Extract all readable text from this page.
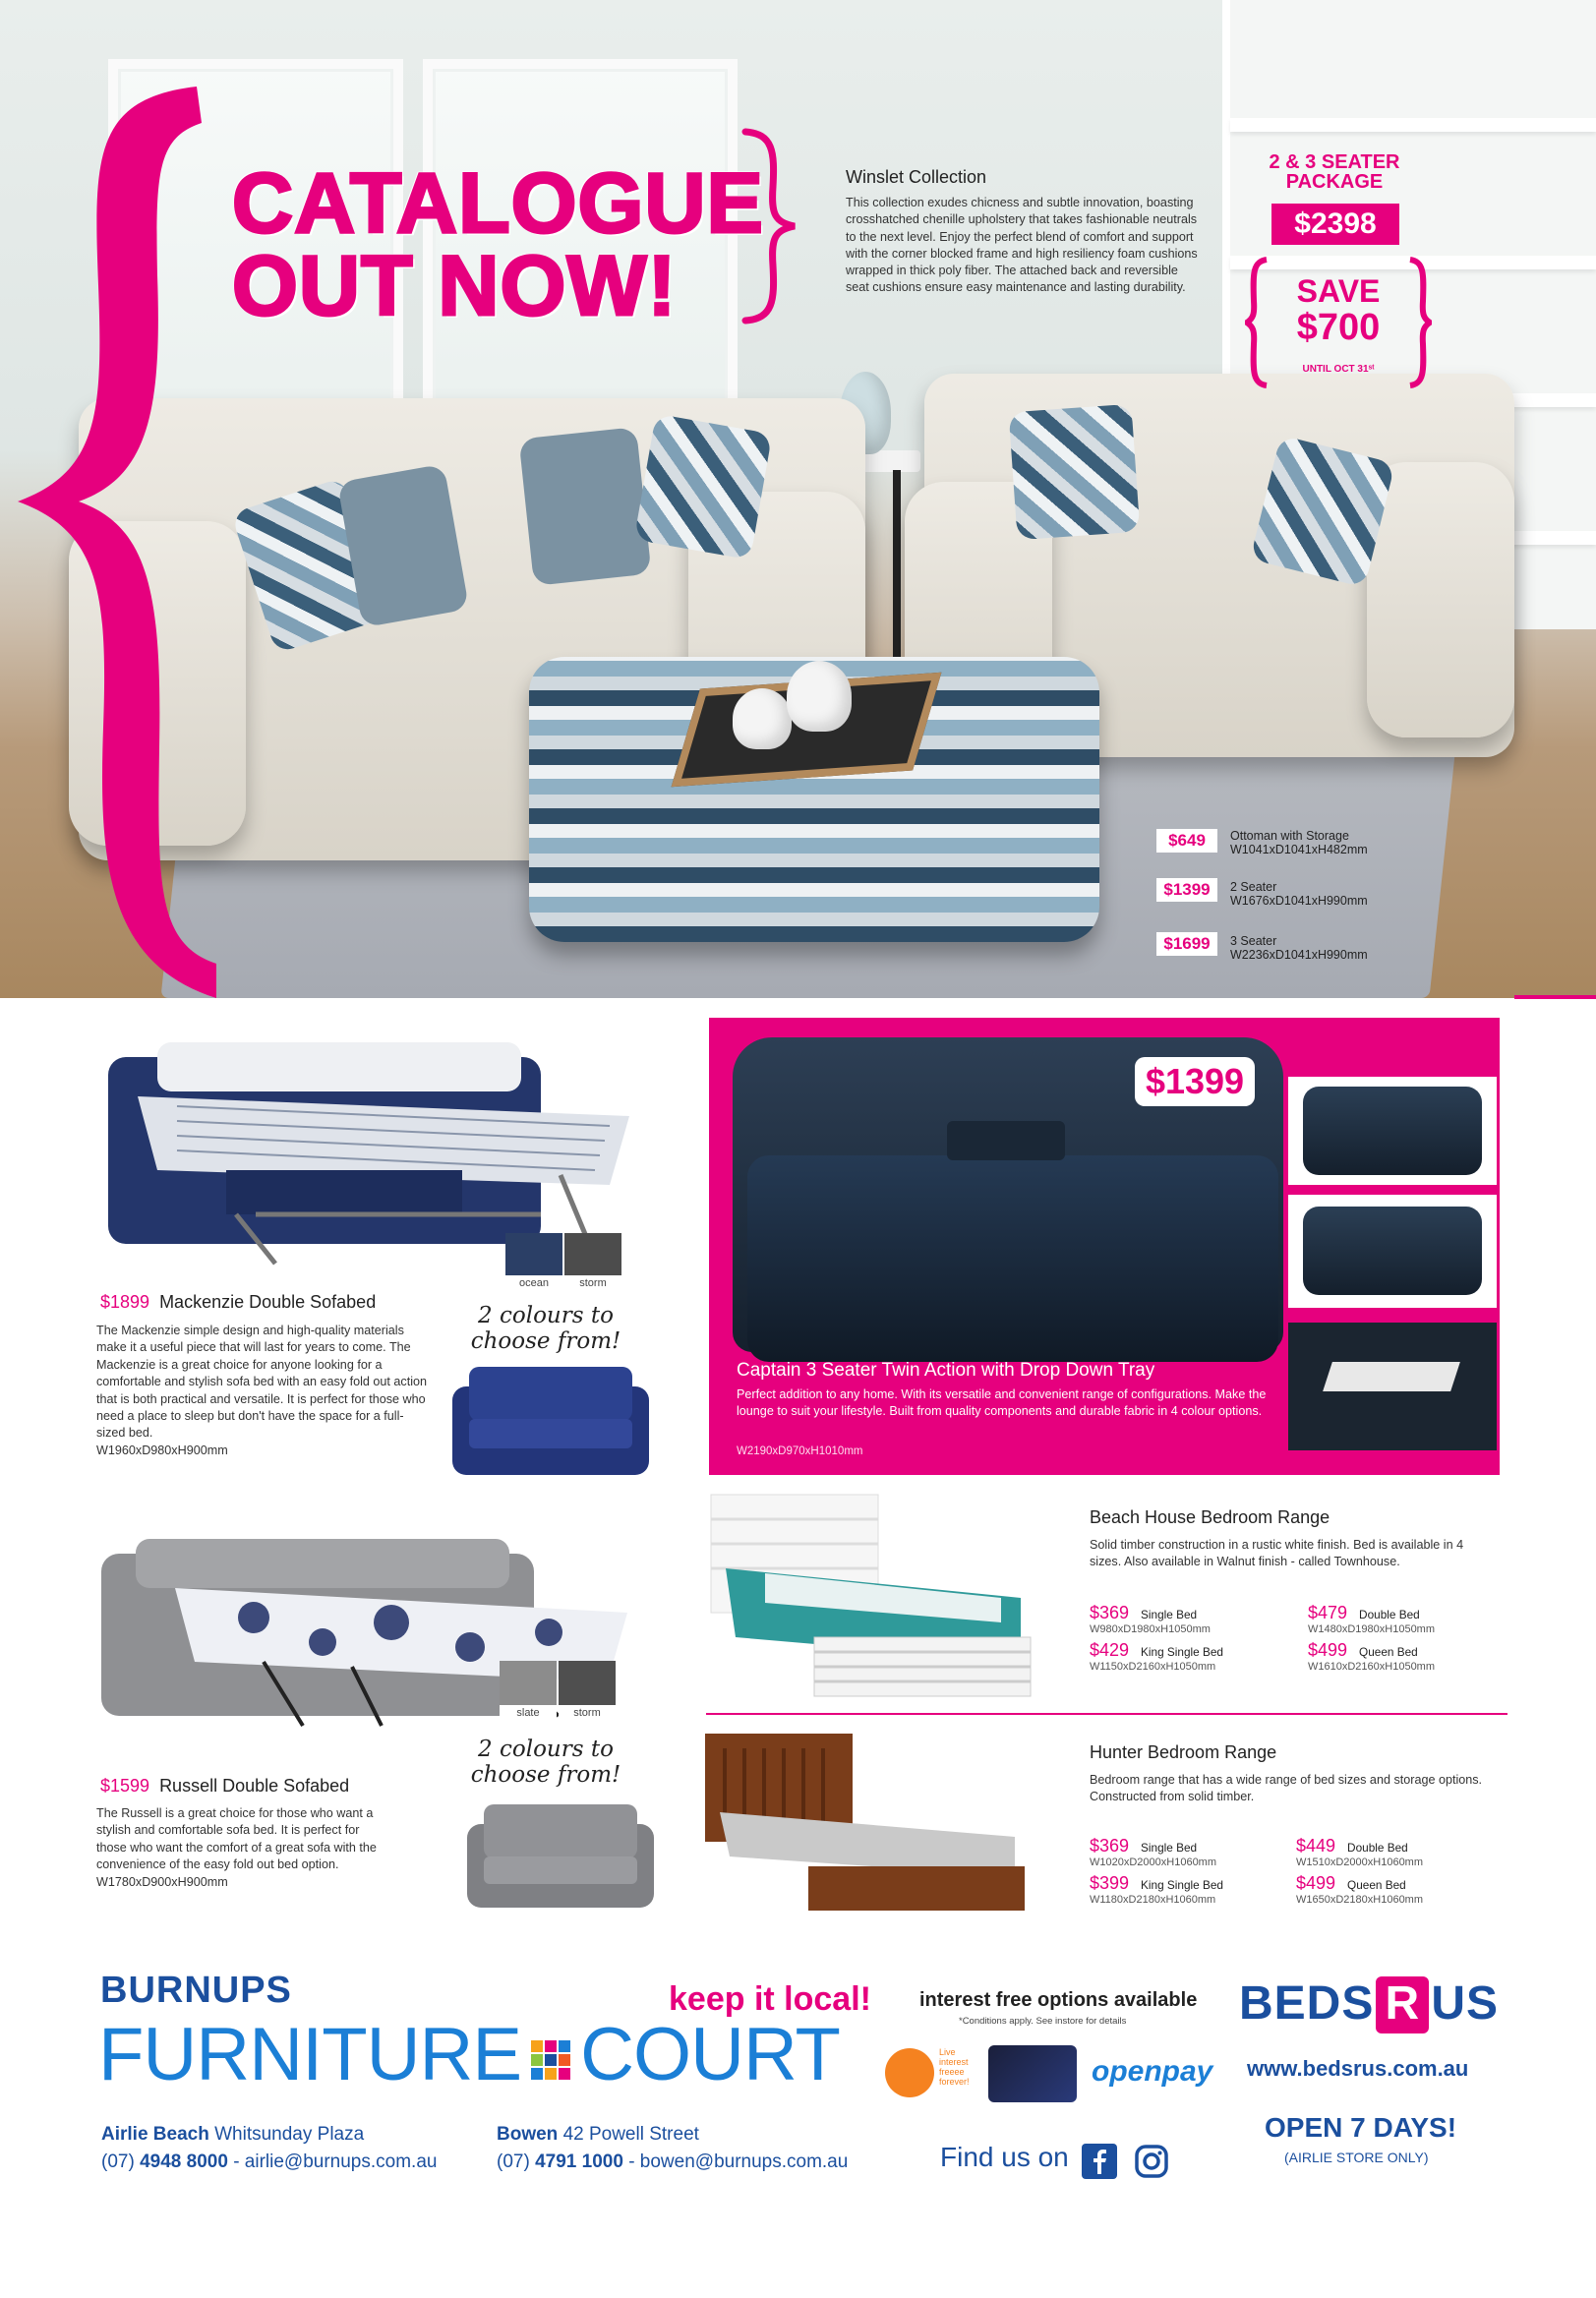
CATALOGUE
OUT NOW!
Winslet Collection
This collection exudes chicness and subtle innovation, boasting crosshatched chenille upholstery that takes fashionable neutrals to the next level. Enjoy the perfect blend of comfort and support with the corner blocked frame and high resiliency foam cushions wrapped in thick poly fiber. The attached back and reversible seat cushions ensure easy maintenance and lasting durability.
2 & 3 SEATER
PACKAGE
$2398
SAVE
$700
UNTIL OCT 31ˢᵗ
$649	Ottoman with Storage
W1041xD1041xH482mm
$1399	2 Seater
W1676xD1041xH990mm
$1699	3 Seater
W2236xD1041xH990mm
ocean	storm
2 colours to
choose from!
$1899 Mackenzie Double Sofabed
The Mackenzie simple design and high-quality materials make it a useful piece that will last for years to come. The Mackenzie is a great choice for anyone looking for a comfortable and stylish sofa bed with an easy fold out action that is both practical and versatile. It is perfect for those who need a place to sleep but don't have the space for a full-sized bed.
W1960xD980xH900mm
$1399
Captain 3 Seater Twin Action with Drop Down Tray
Perfect addition to any home. With its versatile and convenient range of configurations. Make the lounge to suit your lifestyle. Built from quality components and durable fabric in 4 colour options.
W2190xD970xH1010mm
slate	storm
2 colours to
choose from!
$1599 Russell Double Sofabed
The Russell is a great choice for those who want a stylish and comfortable sofa bed. It is perfect for those who want the comfort of a great sofa with the convenience of the easy fold out bed option.
W1780xD900xH900mm
Beach House Bedroom Range
Solid timber construction in a rustic white finish. Bed is available in 4 sizes. Also available in Walnut finish - called Townhouse.
$369 Single Bed
W980xD1980xH1050mm
$429 King Single Bed
W1150xD2160xH1050mm
$479 Double Bed
W1480xD1980xH1050mm
$499 Queen Bed
W1610xD2160xH1050mm
Hunter Bedroom Range
Bedroom range that has a wide range of bed sizes and storage options. Constructed from solid timber.
$369 Single Bed
W1020xD2000xH1060mm
$399 King Single Bed
W1180xD2180xH1060mm
$449 Double Bed
W1510xD2000xH1060mm
$499 Queen Bed
W1650xD2180xH1060mm
BURNUPS
FURNITURE COURT
keep it local! interest free options available
*Conditions apply. See instore for details
Live interest freeee forever!	openpay
BEDS R US
www.bedsrus.com.au
OPEN 7 DAYS!
(AIRLIE STORE ONLY)
Airlie Beach Whitsunday Plaza
(07) 4948 8000 - airlie@burnups.com.au
Bowen 42 Powell Street
(07) 4791 1000 - bowen@burnups.com.au	Find us on
